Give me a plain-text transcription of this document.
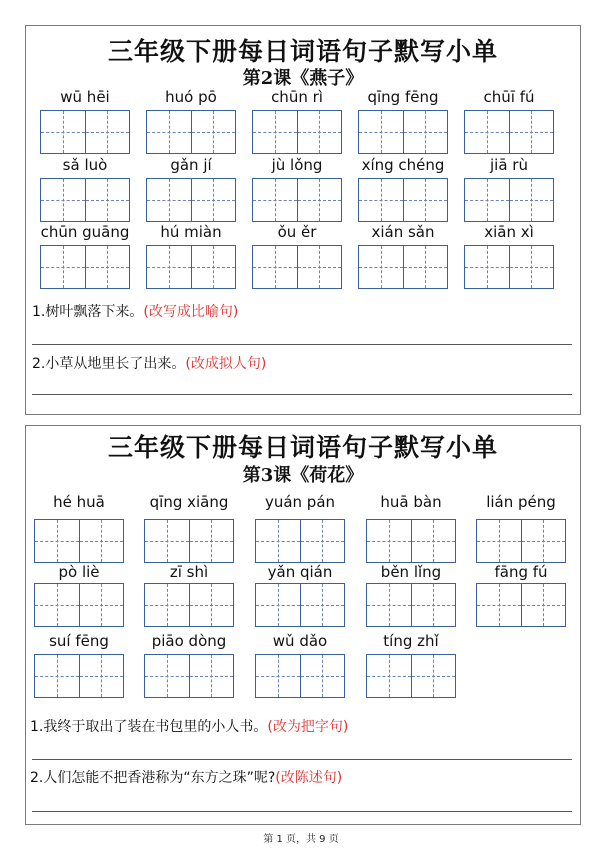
三年级下册每日词语句子默写小单
第2课《燕子》
wū hēi	huó pō	chūn rì	qīng fēng	chūī fú
sǎ luò	gǎn jí	jù lǒng	xíng chéng	jiā rù
chūn guāng	hú miàn	ǒu ěr	xián sǎn	xiān xì
1.树叶飘落下来。(改写成比喻句)
2.小草从地里长了出来。(改成拟人句)
三年级下册每日词语句子默写小单
第3课《荷花》
hé huā	qīng xiāng	yuán pán	huā bàn	lián péng
pò liè	zī shì	yǎn qián	běn lǐng	fāng fú
suí fēng	piāo dòng	wǔ dǎo	tíng zhǐ
1.我终于取出了装在书包里的小人书。(改为把字句)
2.人们怎能不把香港称为“东方之珠”呢?(改陈述句)
第 1 页，共 9 页
